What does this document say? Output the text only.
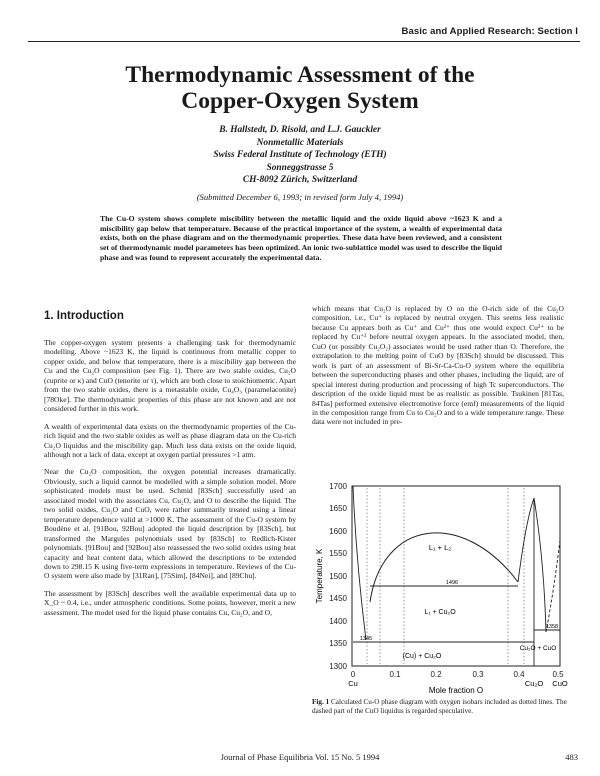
Basic and Applied Research: Section I
Thermodynamic Assessment of the
Copper-Oxygen System
B. Hallstedt, D. Risold, and L.J. Gauckler
Nonmetallic Materials
Swiss Federal Institute of Technology (ETH)
Sonneggstrasse 5
CH-8092 Zürich, Switzerland
(Submitted December 6, 1993; in revised form July 4, 1994)
The Cu-O system shows complete miscibility between the metallic liquid and the oxide liquid above ~1623 K and a miscibility gap below that temperature. Because of the practical importance of the system, a wealth of experimental data exists, both on the phase diagram and on the thermodynamic properties. These data have been reviewed, and a consistent set of thermodynamic model parameters has been optimized. An ionic two-sublattice model was used to describe the liquid phase and was found to represent accurately the experimental data.
1. Introduction

The copper-oxygen system presents a challenging task for thermodynamic modelling. Above ~1623 K, the liquid is continuous from metallic copper to copper oxide, and below that temperature, there is a miscibility gap between the Cu and the Cu₂O composition (see Fig. 1). There are two stable oxides, Cu₂O (cuprite or κ) and CuO (tenorite or τ), which are both close to stoichiometric. Apart from the two stable oxides, there is a metastable oxide, Cu₄O₃ (paramelaconite) [78Oke]. The thermodynamic properties of this phase are not known and are not considered further in this work.

A wealth of experimental data exists on the thermodynamic properties of the Cu-rich liquid and the two stable oxides as well as phase diagram data on the Cu-rich Cu₂O liquidus and the miscibility gap. Much less data exists on the oxide liquid, although not a lack of data, except at oxygen partial pressures >1 atm.

Near the Cu₂O composition, the oxygen potential increases dramatically. Obviously, such a liquid cannot be modelled with a simple solution model. More sophisticated models must be used. Schmid [83Sch] successfully used an associated model with the associates Cu, Cu₂O, and O to describe the liquid. The two solid oxides, Cu₂O and CuO, were rather summarily treated using a linear temperature dependence valid at >1000 K. The assessment of the Cu-O system by Boudène et al. [91Bou, 92Bou] adopted the liquid description by [83Sch], but transformed the Margules polynomials used by [83Sch] to Redlich-Kister polynomials. [91Bou] and [92Bou] also reassessed the two solid oxides using heat capacity and heat content data, which allowed the descriptions to be extended down to 298.15 K using five-term expressions in temperature. Reviews of the Cu-O system were also made by [31Ran], [75Sim], [84Nei], and [89Chu].

The assessment by [83Sch] describes well the available experimental data up to X_O ~ 0.4, i.e., under atmospheric conditions. Some points, however, merit a new assessment. The model used for the liquid phase contains Cu, Cu₂O, and O,

which means that Cu₂O is replaced by O on the O-rich side of the Cu₂O composition, i.e., Cu⁺ is replaced by neutral oxygen. This seems less realistic because Cu appears both as Cu⁺ and Cu²⁺ thus one would expect Cu²⁺ to be replaced by Cu⁺² before neutral oxygen appears. In the associated model, then, CuO (or possibly Cu₂O₂) associates would be used rather than O. Therefore, the extrapolation to the melting point of CuO by [83Sch] should be discussed. This work is part of an assessment of Bi-Sr-Ca-Cu-O system where the equilibria between the superconducting phases and other phases, including the liquid, are of special interest during production and processing of high Tc superconductors. The description of the oxide liquid must be as realistic as possible. Tsukinen [81Tas, 84Tas] performed extensive electromotive force (emf) measurements of the liquid in the composition range from Cu to Cu₂O and to a wide temperature range. These data were not included in pre-

1700
1650
1600
1550
1500
1450
1400
1350
1300
Temperature, K
0	0.1	0.2	0.3	0.4	0.5
Cu	Cu₂O CuO
Mole fraction O
L₁ + L₂
L₁ + Cu₂O
(Cu) + Cu₂O
Cu₂O + CuO
1496
1345
1358
Fig. 1 Calculated Cu-O phase diagram with oxygen isobars included as dotted lines. The dashed part of the CuO liquidus is regarded speculative.
Journal of Phase Equilibria Vol. 15 No. 5 1994	483
